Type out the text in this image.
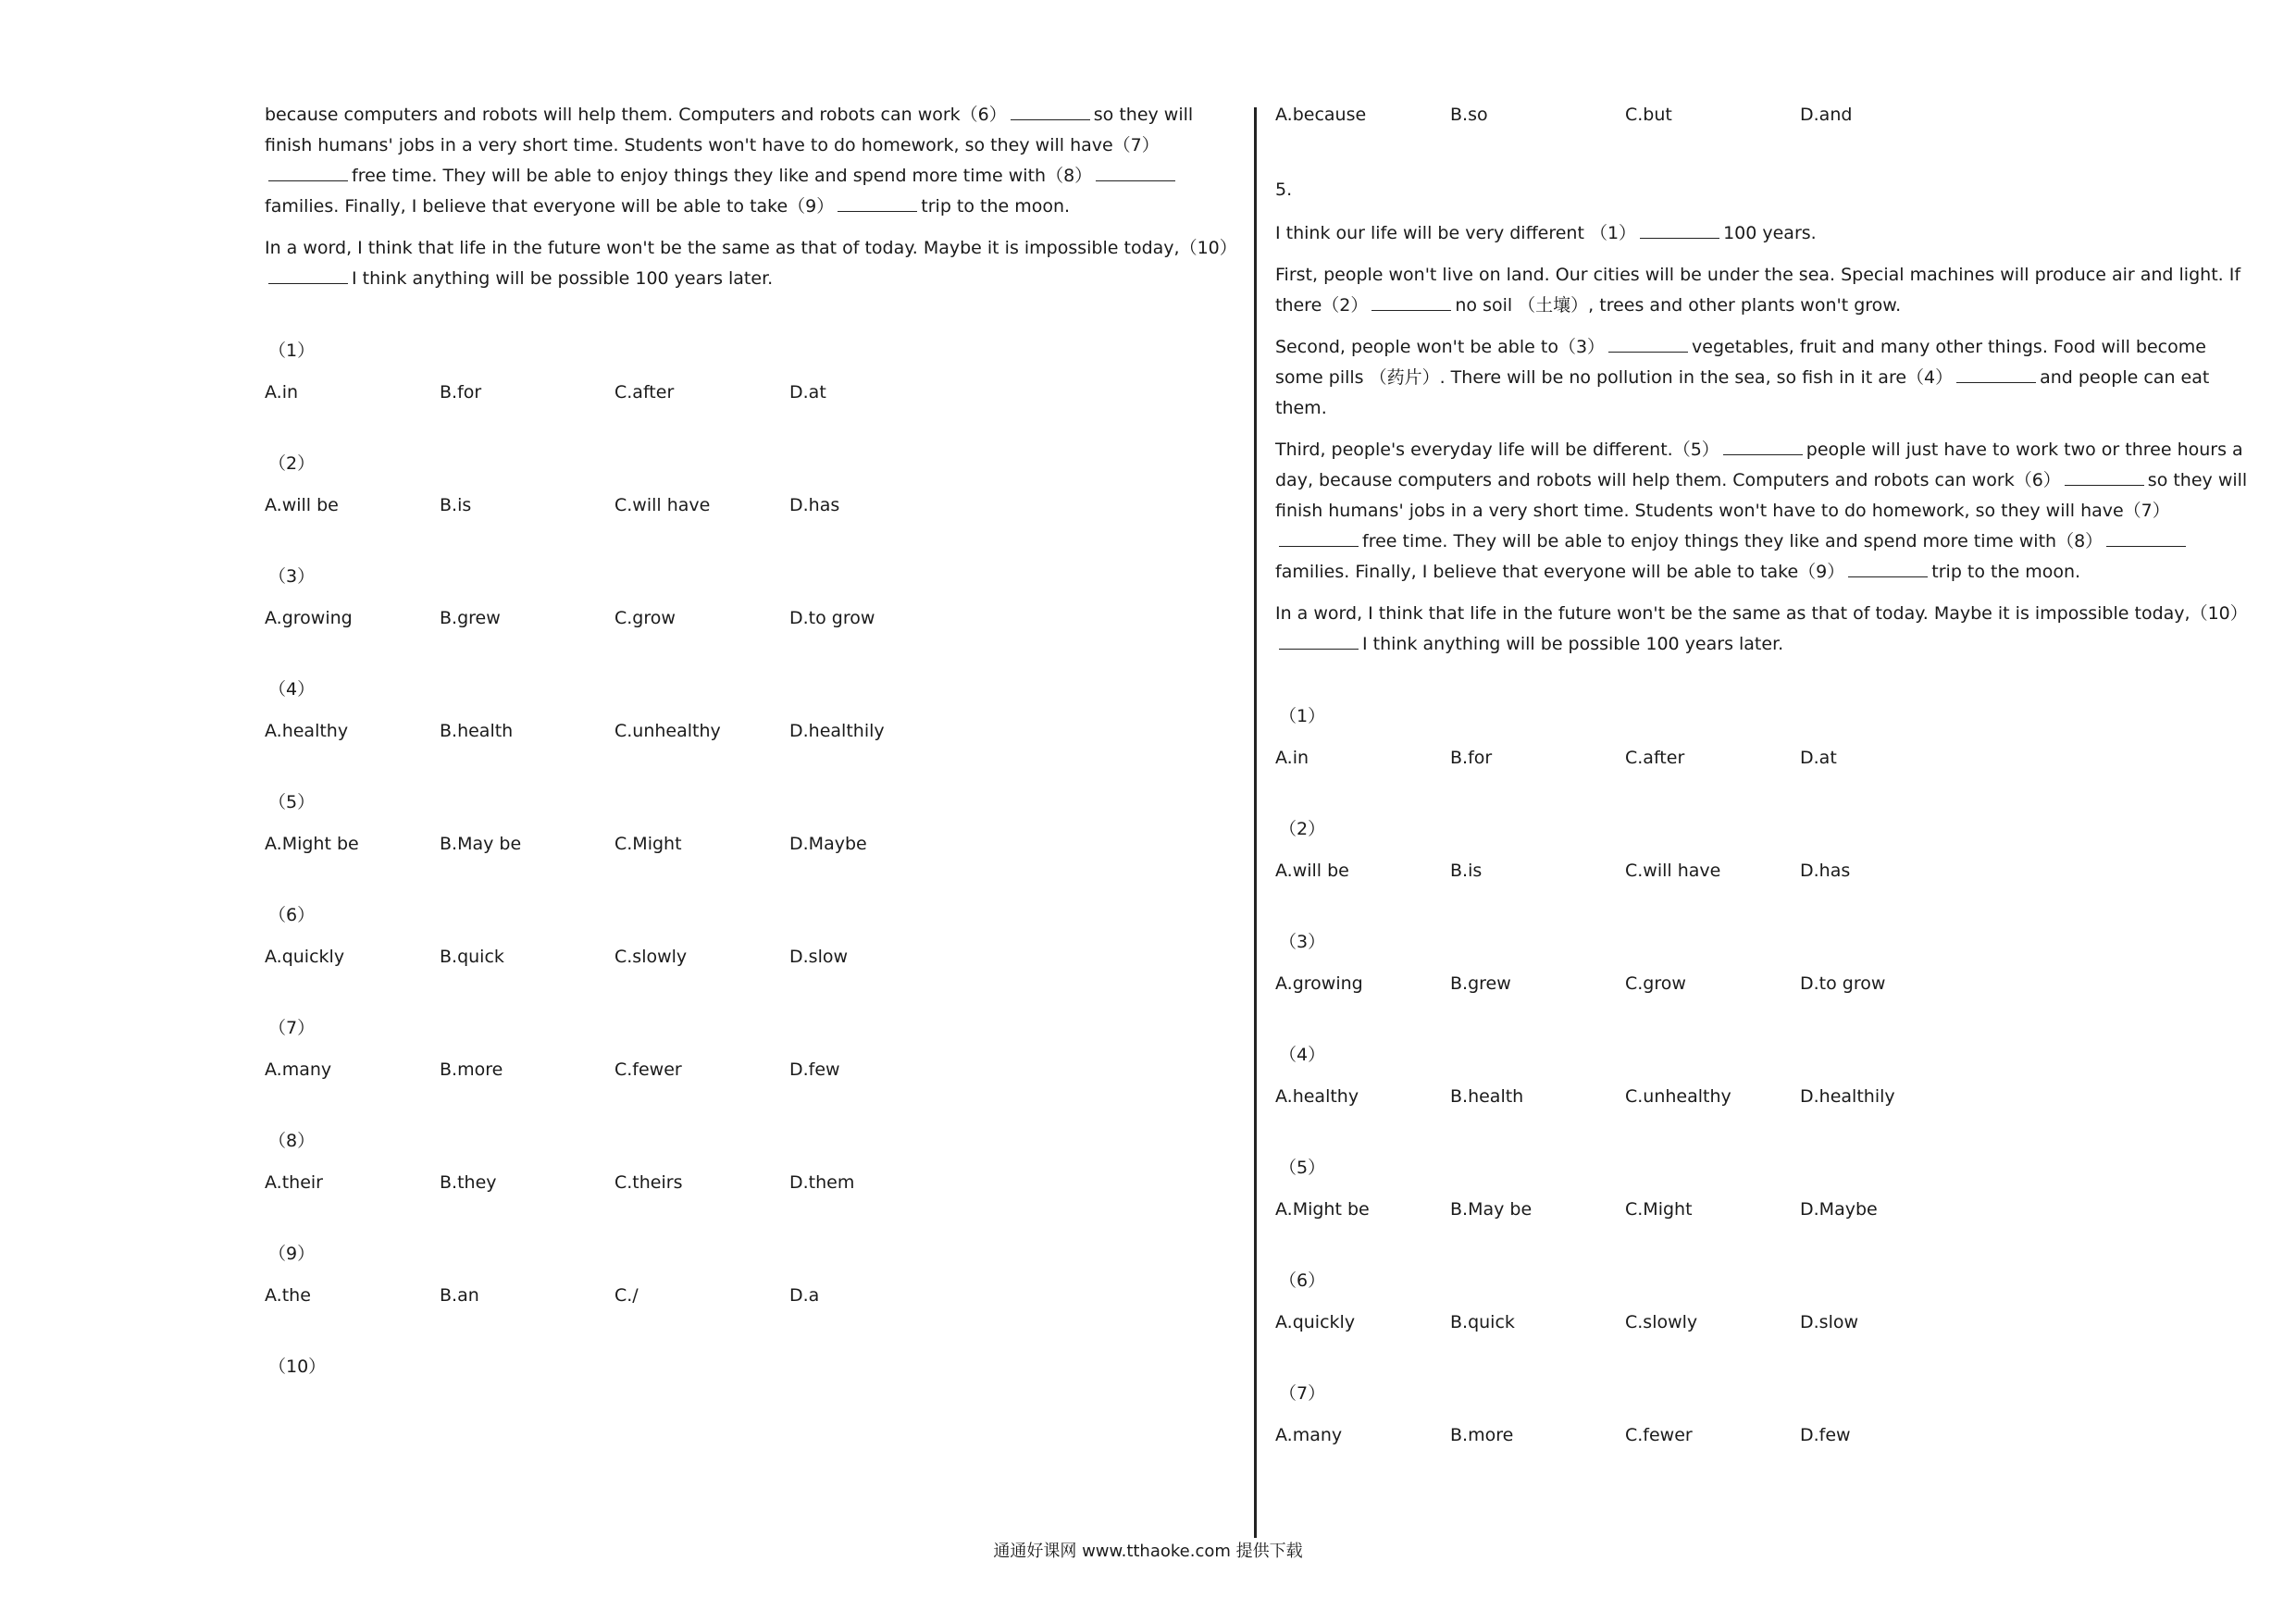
because computers and robots will help them. Computers and robots can work（6）	so they will finish humans' jobs in a very short time. Students won't have to do homework, so they will have（7）free time. They will be able to enjoy things they like and spend more time with（8）families. Finally, I believe that everyone will be able to take（9）	trip to the moon.

In a word, I think that life in the future won't be the same as that of today. Maybe it is impossible today,（10）I think anything will be possible 100 years later.

（1）
A.in	B.for	C.after	D.at
（2）
A.will be	B.is	C.will have	D.has
（3）
A.growing	B.grew	C.grow	D.to grow
（4）
A.healthy	B.health	C.unhealthy	D.healthily
（5）
A.Might be	B.May be	C.Might	D.Maybe
（6）
A.quickly	B.quick	C.slowly	D.slow
（7）
A.many	B.more	C.fewer	D.few
（8）
A.their	B.they	C.theirs	D.them
（9）
A.the	B.an	C./	D.a
（10）
A.because	B.so	C.but	D.and
5.

I think our life will be very different （1）	100 years.

First, people won't live on land. Our cities will be under the sea. Special machines will produce air and light. If there（2）	no soil （土壤）, trees and other plants won't grow.

Second, people won't be able to（3）	vegetables, fruit and many other things. Food will become some pills （药片）. There will be no pollution in the sea, so fish in it are（4）	and people can eat them.

Third, people's everyday life will be different.（5）	people will just have to work two or three hours a day, because computers and robots will help them. Computers and robots can work（6）	so they will finish humans' jobs in a very short time. Students won't have to do homework, so they will have（7）free time. They will be able to enjoy things they like and spend more time with（8）families. Finally, I believe that everyone will be able to take（9）	trip to the moon.

In a word, I think that life in the future won't be the same as that of today. Maybe it is impossible today,（10）I think anything will be possible 100 years later.

（1）
A.in	B.for	C.after	D.at
（2）
A.will be	B.is	C.will have	D.has
（3）
A.growing	B.grew	C.grow	D.to grow
（4）
A.healthy	B.health	C.unhealthy	D.healthily
（5）
A.Might be	B.May be	C.Might	D.Maybe
（6）
A.quickly	B.quick	C.slowly	D.slow
（7）
A.many	B.more	C.fewer	D.few
通通好课网 www.tthaoke.com 提供下载
